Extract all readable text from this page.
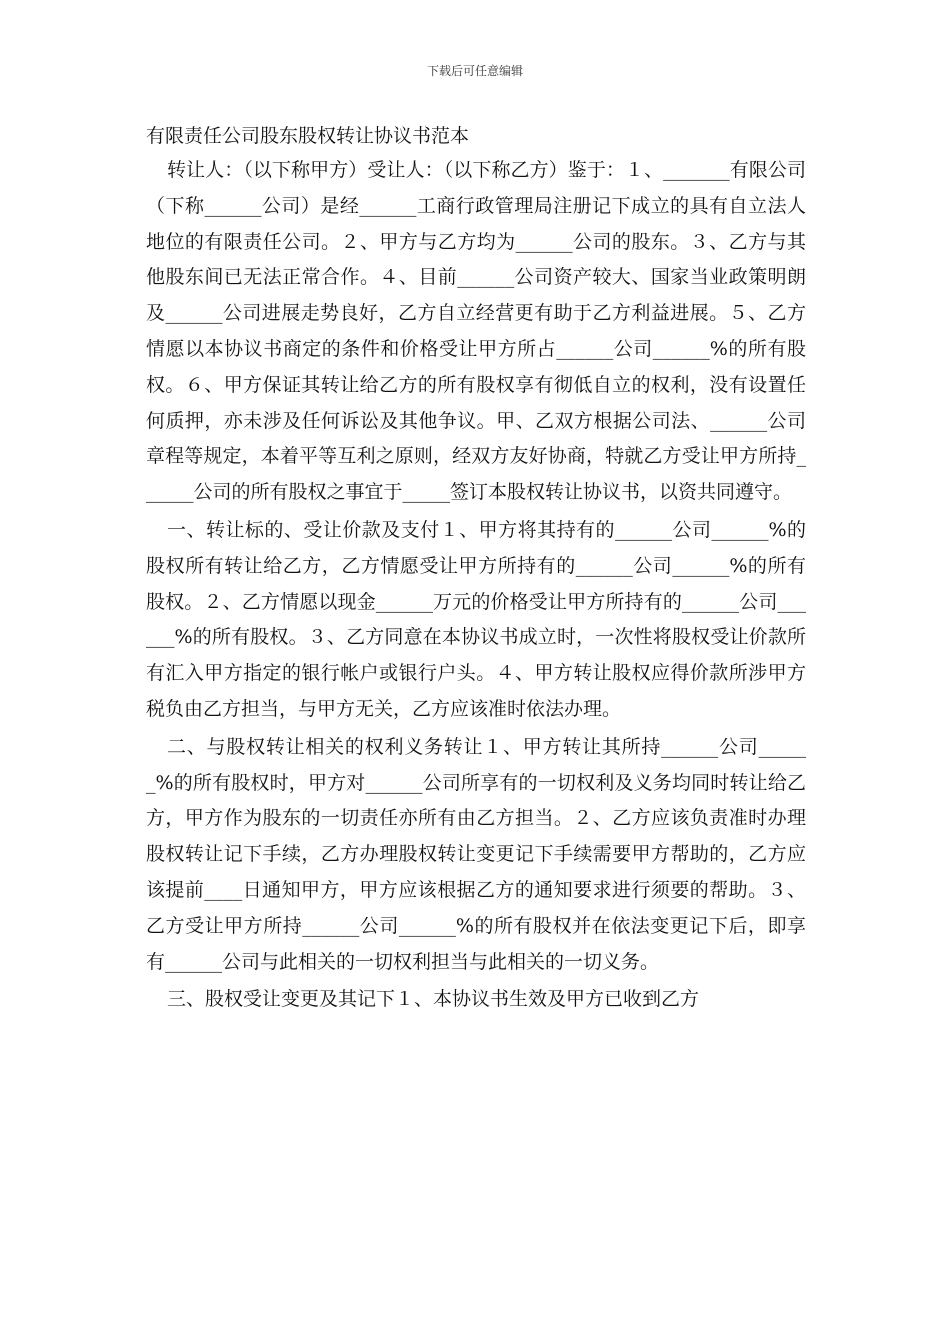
下载后可任意编辑
有限责任公司股东股权转让协议书范本

转让人：（以下称甲方）受让人：（以下称乙方）鉴于：１、_______有限公司（下称______公司）是经______工商行政管理局注册记下成立的具有自立法人地位的有限责任公司。２、甲方与乙方均为______公司的股东。３、乙方与其他股东间已无法正常合作。４、目前______公司资产较大、国家当业政策明朗及______公司进展走势良好，乙方自立经营更有助于乙方利益进展。５、乙方情愿以本协议书商定的条件和价格受让甲方所占______公司______%的所有股权。６、甲方保证其转让给乙方的所有股权享有彻低自立的权利，没有设置任何质押，亦未涉及任何诉讼及其他争议。甲、乙双方根据公司法、______公司章程等规定，本着平等互利之原则，经双方友好协商，特就乙方受让甲方所持______公司的所有股权之事宜于_____签订本股权转让协议书，以资共同遵守。

一、转让标的、受让价款及支付１、甲方将其持有的______公司______%的股权所有转让给乙方，乙方情愿受让甲方所持有的______公司______%的所有股权。２、乙方情愿以现金______万元的价格受让甲方所持有的______公司______%的所有股权。３、乙方同意在本协议书成立时，一次性将股权受让价款所有汇入甲方指定的银行帐户或银行户头。４、甲方转让股权应得价款所涉甲方税负由乙方担当，与甲方无关，乙方应该准时依法办理。

二、与股权转让相关的权利义务转让１、甲方转让其所持______公司______%的所有股权时，甲方对______公司所享有的一切权利及义务均同时转让给乙方，甲方作为股东的一切责任亦所有由乙方担当。２、乙方应该负责准时办理股权转让记下手续，乙方办理股权转让变更记下手续需要甲方帮助的，乙方应该提前____日通知甲方，甲方应该根据乙方的通知要求进行须要的帮助。３、乙方受让甲方所持______公司______%的所有股权并在依法变更记下后，即享有______公司与此相关的一切权利担当与此相关的一切义务。

三、股权受让变更及其记下１、本协议书生效及甲方已收到乙方
